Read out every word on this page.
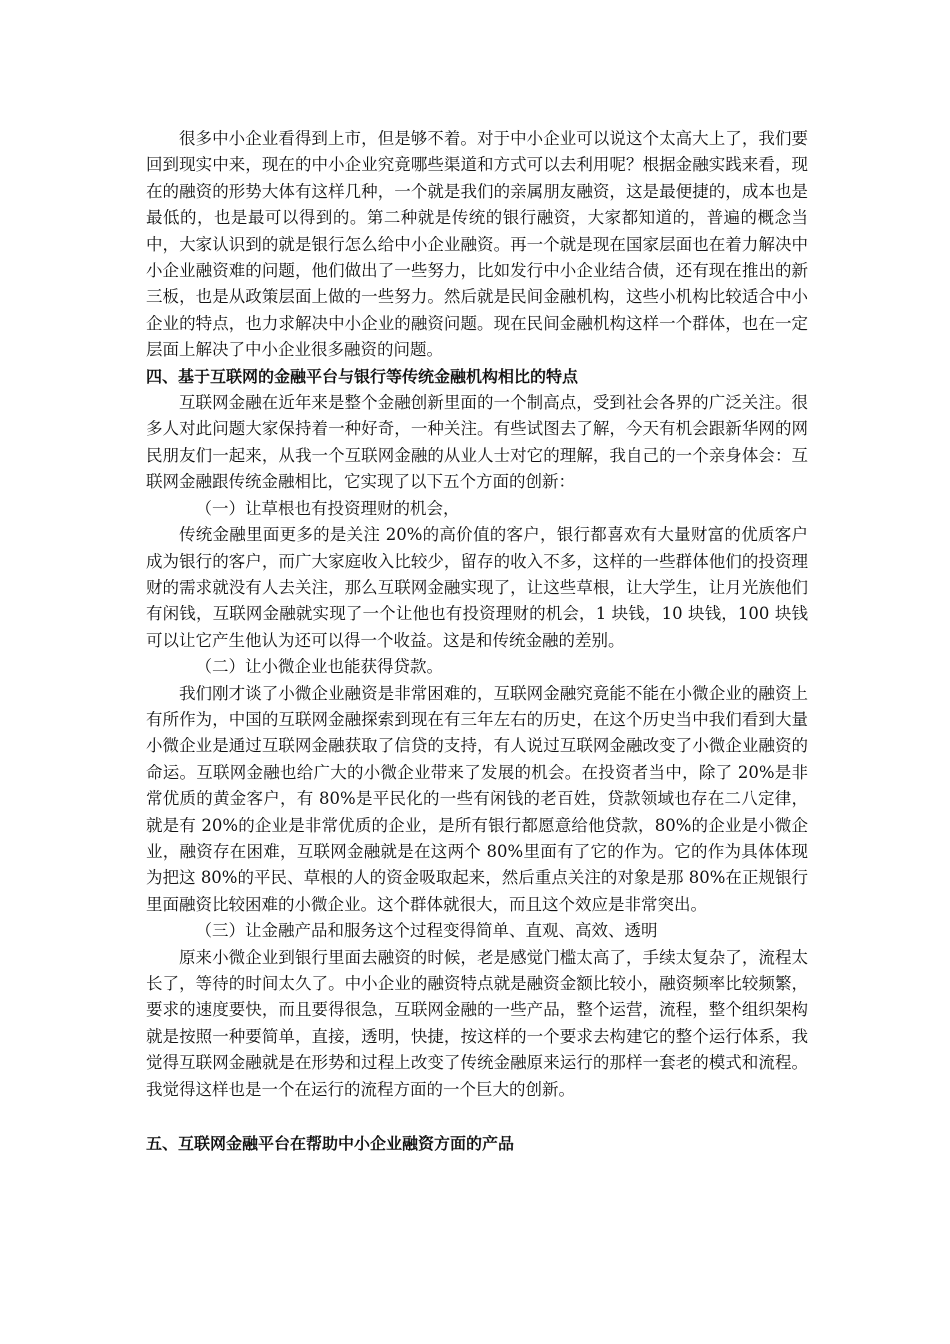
很多中小企业看得到上市，但是够不着。对于中小企业可以说这个太高大上了，我们要回到现实中来，现在的中小企业究竟哪些渠道和方式可以去利用呢？根据金融实践来看，现在的融资的形势大体有这样几种，一个就是我们的亲属朋友融资，这是最便捷的，成本也是最低的，也是最可以得到的。第二种就是传统的银行融资，大家都知道的，普遍的概念当中，大家认识到的就是银行怎么给中小企业融资。再一个就是现在国家层面也在着力解决中小企业融资难的问题，他们做出了一些努力，比如发行中小企业结合债，还有现在推出的新三板，也是从政策层面上做的一些努力。然后就是民间金融机构，这些小机构比较适合中小企业的特点，也力求解决中小企业的融资问题。现在民间金融机构这样一个群体，也在一定层面上解决了中小企业很多融资的问题。

四、基于互联网的金融平台与银行等传统金融机构相比的特点

互联网金融在近年来是整个金融创新里面的一个制高点，受到社会各界的广泛关注。很多人对此问题大家保持着一种好奇，一种关注。有些试图去了解，今天有机会跟新华网的网民朋友们一起来，从我一个互联网金融的从业人士对它的理解，我自己的一个亲身体会：互联网金融跟传统金融相比，它实现了以下五个方面的创新：

（一）让草根也有投资理财的机会，

传统金融里面更多的是关注 20%的高价值的客户，银行都喜欢有大量财富的优质客户成为银行的客户，而广大家庭收入比较少，留存的收入不多，这样的一些群体他们的投资理财的需求就没有人去关注，那么互联网金融实现了，让这些草根，让大学生，让月光族他们有闲钱，互联网金融就实现了一个让他也有投资理财的机会，1 块钱，10 块钱，100 块钱可以让它产生他认为还可以得一个收益。这是和传统金融的差别。

（二）让小微企业也能获得贷款。

我们刚才谈了小微企业融资是非常困难的，互联网金融究竟能不能在小微企业的融资上有所作为，中国的互联网金融探索到现在有三年左右的历史，在这个历史当中我们看到大量小微企业是通过互联网金融获取了信贷的支持，有人说过互联网金融改变了小微企业融资的命运。互联网金融也给广大的小微企业带来了发展的机会。在投资者当中，除了 20%是非常优质的黄金客户，有 80%是平民化的一些有闲钱的老百姓，贷款领域也存在二八定律，就是有 20%的企业是非常优质的企业，是所有银行都愿意给他贷款，80%的企业是小微企业，融资存在困难，互联网金融就是在这两个 80%里面有了它的作为。它的作为具体体现为把这 80%的平民、草根的人的资金吸取起来，然后重点关注的对象是那 80%在正规银行里面融资比较困难的小微企业。这个群体就很大，而且这个效应是非常突出。

（三）让金融产品和服务这个过程变得简单、直观、高效、透明

原来小微企业到银行里面去融资的时候，老是感觉门槛太高了，手续太复杂了，流程太长了，等待的时间太久了。中小企业的融资特点就是融资金额比较小，融资频率比较频繁，要求的速度要快，而且要得很急，互联网金融的一些产品，整个运营，流程，整个组织架构就是按照一种要简单，直接，透明，快捷，按这样的一个要求去构建它的整个运行体系，我觉得互联网金融就是在形势和过程上改变了传统金融原来运行的那样一套老的模式和流程。我觉得这样也是一个在运行的流程方面的一个巨大的创新。

五、互联网金融平台在帮助中小企业融资方面的产品
